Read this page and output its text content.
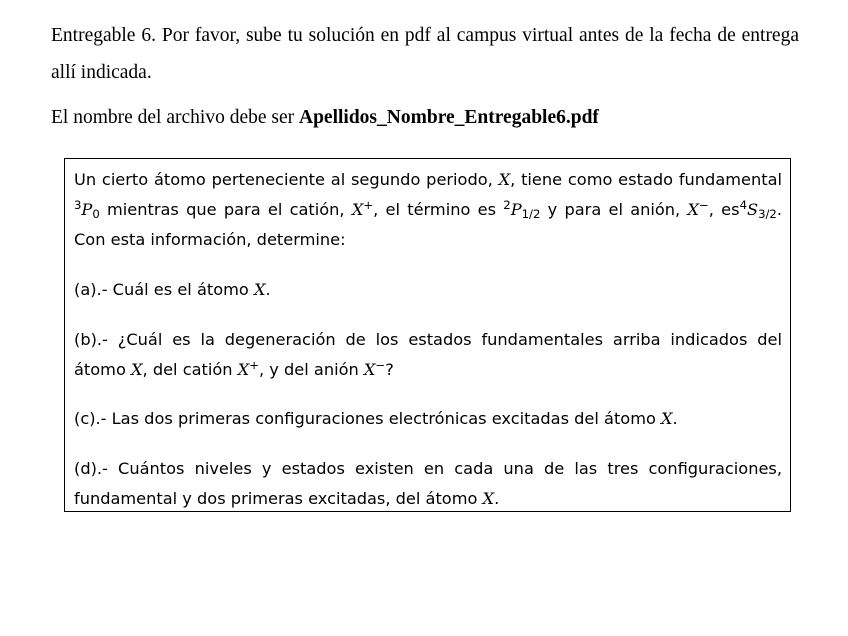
Entregable 6. Por favor, sube tu solución en pdf al campus virtual antes de la fecha de entrega allí indicada.

El nombre del archivo debe ser Apellidos_Nombre_Entregable6.pdf

Un cierto átomo perteneciente al segundo periodo, X, tiene como estado fundamental $^3P_0$ mientras que para el catión, X+, el término es $^2P_{1/2}$ y para el anión, X−, $es^4S_{3/2}$. Con esta información, determine:

(a).- Cuál es el átomo X.

(b).- ¿Cuál es la degeneración de los estados fundamentales arriba indicados del átomo X, del catión X+, y del anión X−?

(c).- Las dos primeras configuraciones electrónicas excitadas del átomo X.

(d).- Cuántos niveles y estados existen en cada una de las tres configuraciones, fundamental y dos primeras excitadas, del átomo X.
